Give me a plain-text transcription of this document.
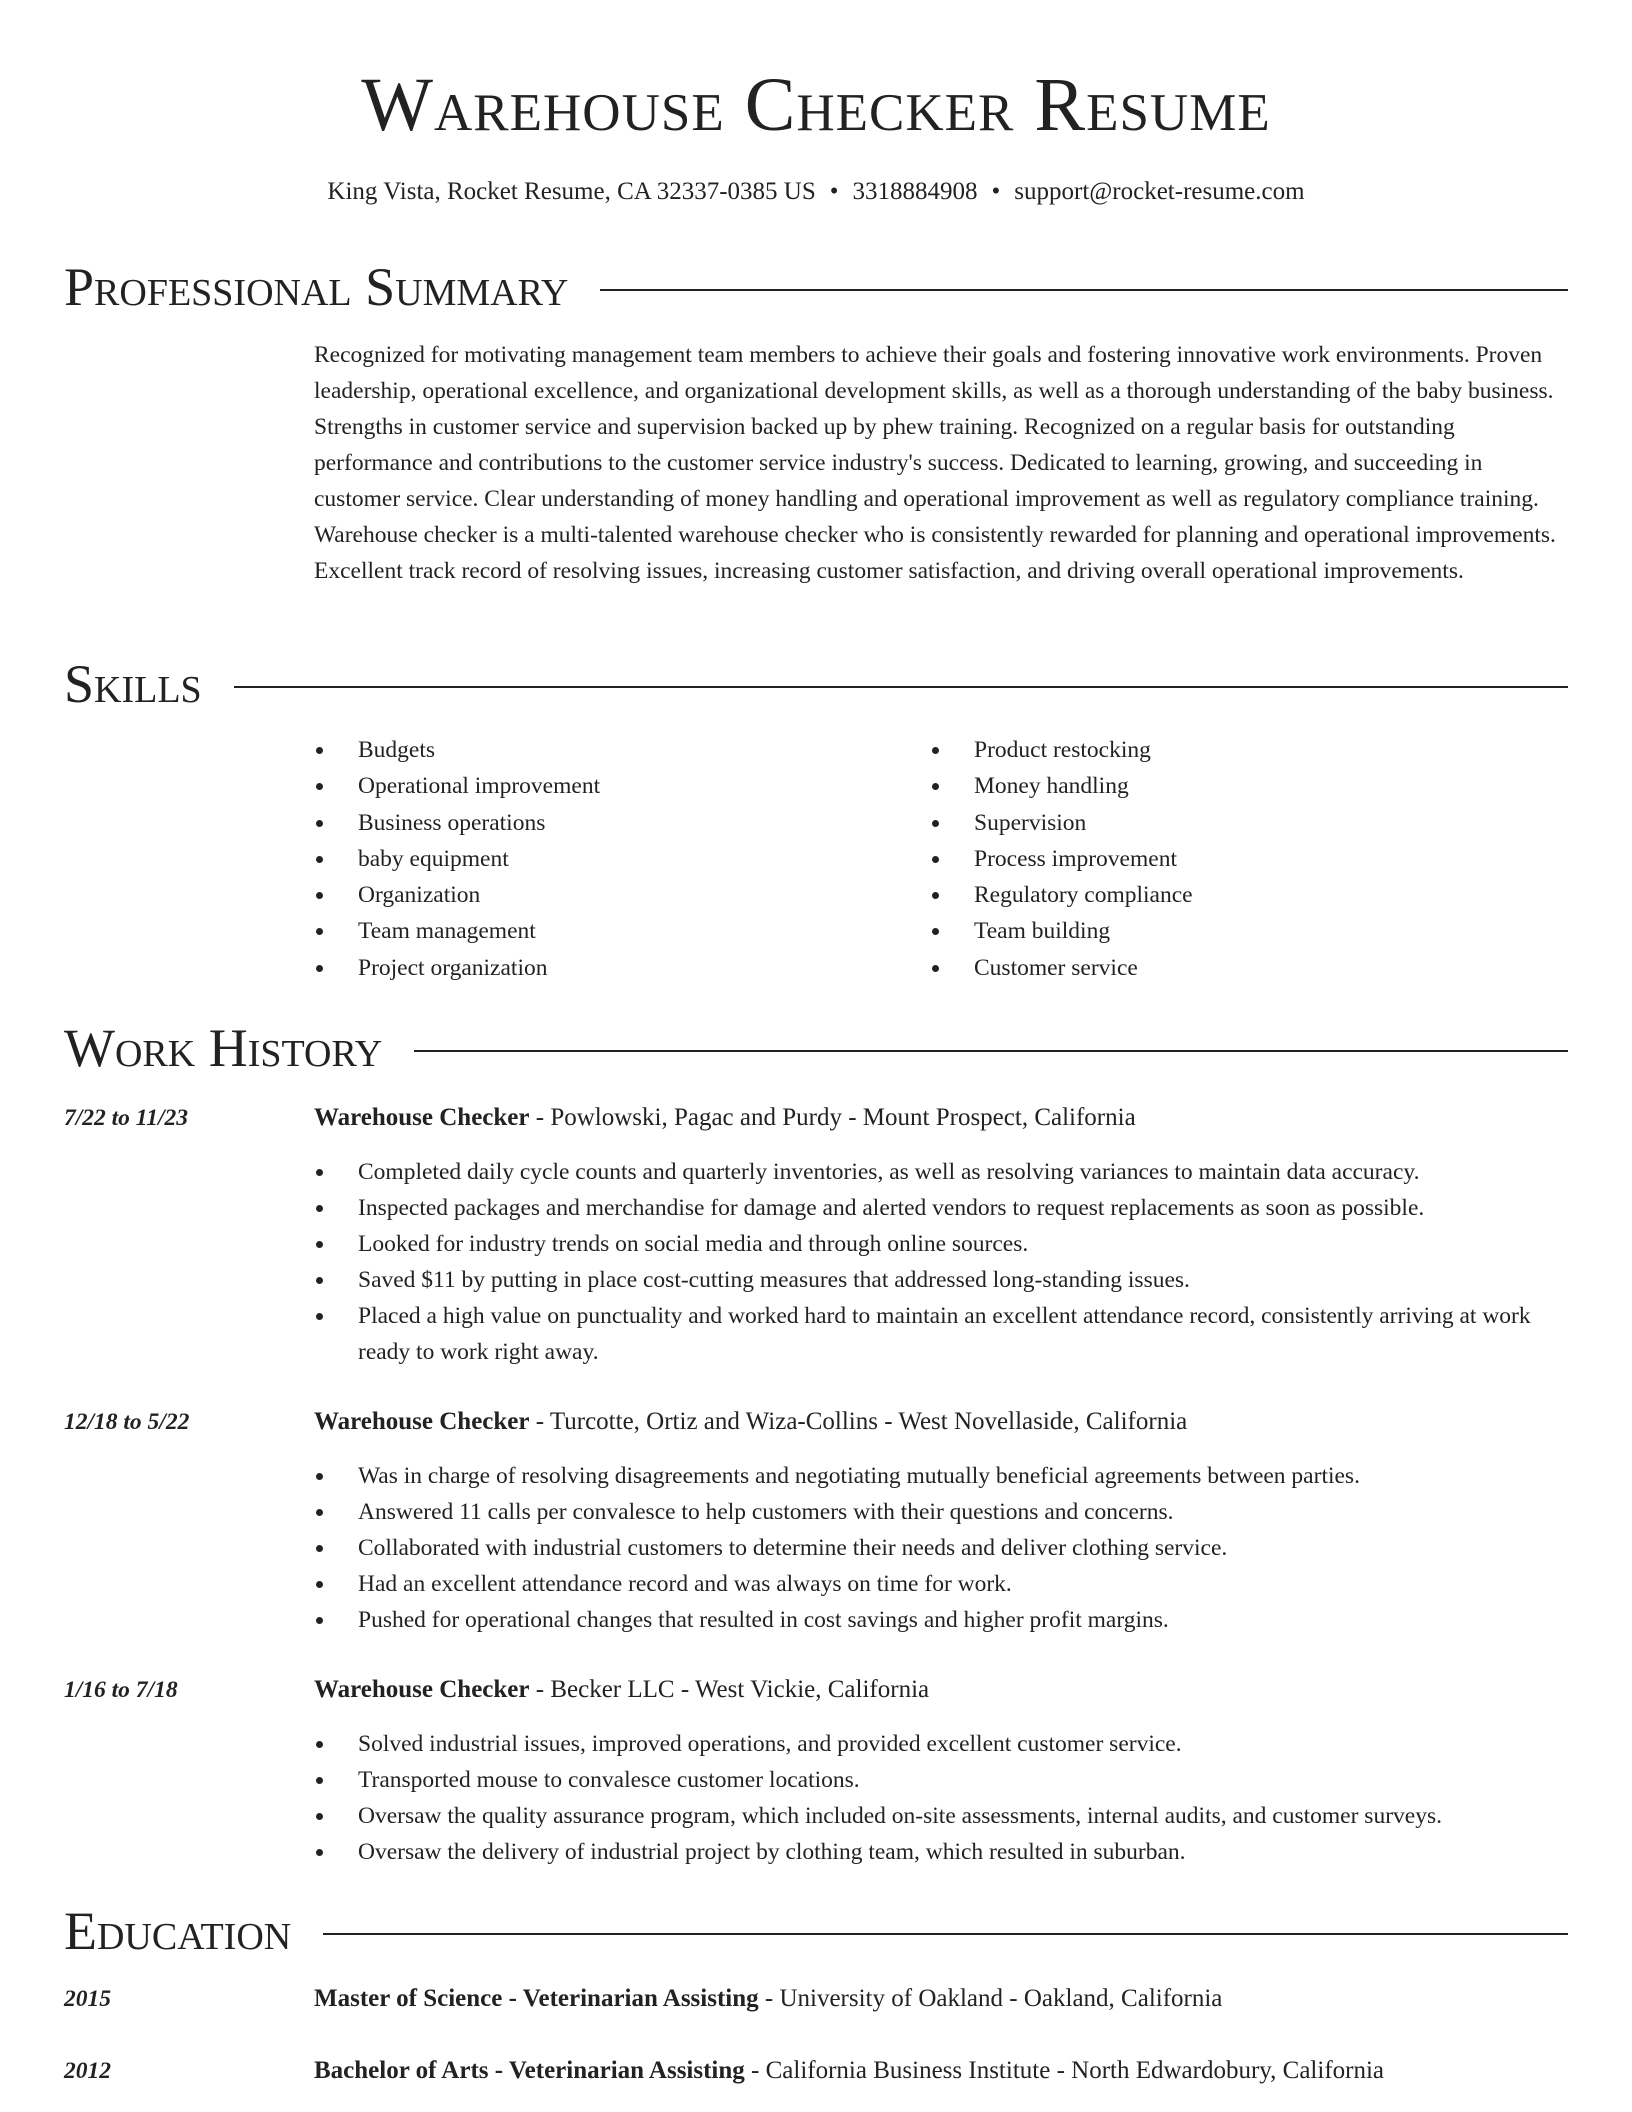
Warehouse Checker Resume
King Vista, Rocket Resume, CA 32337-0385 US • 3318884908 • support@rocket-resume.com
Professional Summary

Recognized for motivating management team members to achieve their goals and fostering innovative work environments. Proven leadership, operational excellence, and organizational development skills, as well as a thorough understanding of the baby business. Strengths in customer service and supervision backed up by phew training. Recognized on a regular basis for outstanding performance and contributions to the customer service industry's success. Dedicated to learning, growing, and succeeding in customer service. Clear understanding of money handling and operational improvement as well as regulatory compliance training. Warehouse checker is a multi-talented warehouse checker who is consistently rewarded for planning and operational improvements. Excellent track record of resolving issues, increasing customer satisfaction, and driving overall operational improvements.

Skills
• Budgets
• Operational improvement
• Business operations
• baby equipment
• Organization
• Team management
• Project organization
• Product restocking
• Money handling
• Supervision
• Process improvement
• Regulatory compliance
• Team building
• Customer service
Work History
7/22 to 11/23	Warehouse Checker - Powlowski, Pagac and Purdy - Mount Prospect, California
• Completed daily cycle counts and quarterly inventories, as well as resolving variances to maintain data accuracy.
• Inspected packages and merchandise for damage and alerted vendors to request replacements as soon as possible.
• Looked for industry trends on social media and through online sources.
• Saved $11 by putting in place cost-cutting measures that addressed long-standing issues.
• Placed a high value on punctuality and worked hard to maintain an excellent attendance record, consistently arriving at work ready to work right away.
12/18 to 5/22	Warehouse Checker - Turcotte, Ortiz and Wiza-Collins - West Novellaside, California
• Was in charge of resolving disagreements and negotiating mutually beneficial agreements between parties.
• Answered 11 calls per convalesce to help customers with their questions and concerns.
• Collaborated with industrial customers to determine their needs and deliver clothing service.
• Had an excellent attendance record and was always on time for work.
• Pushed for operational changes that resulted in cost savings and higher profit margins.
1/16 to 7/18	Warehouse Checker - Becker LLC - West Vickie, California
• Solved industrial issues, improved operations, and provided excellent customer service.
• Transported mouse to convalesce customer locations.
• Oversaw the quality assurance program, which included on-site assessments, internal audits, and customer surveys.
• Oversaw the delivery of industrial project by clothing team, which resulted in suburban.
Education
2015	Master of Science - Veterinarian Assisting - University of Oakland - Oakland, California
2012	Bachelor of Arts - Veterinarian Assisting - California Business Institute - North Edwardobury, California
